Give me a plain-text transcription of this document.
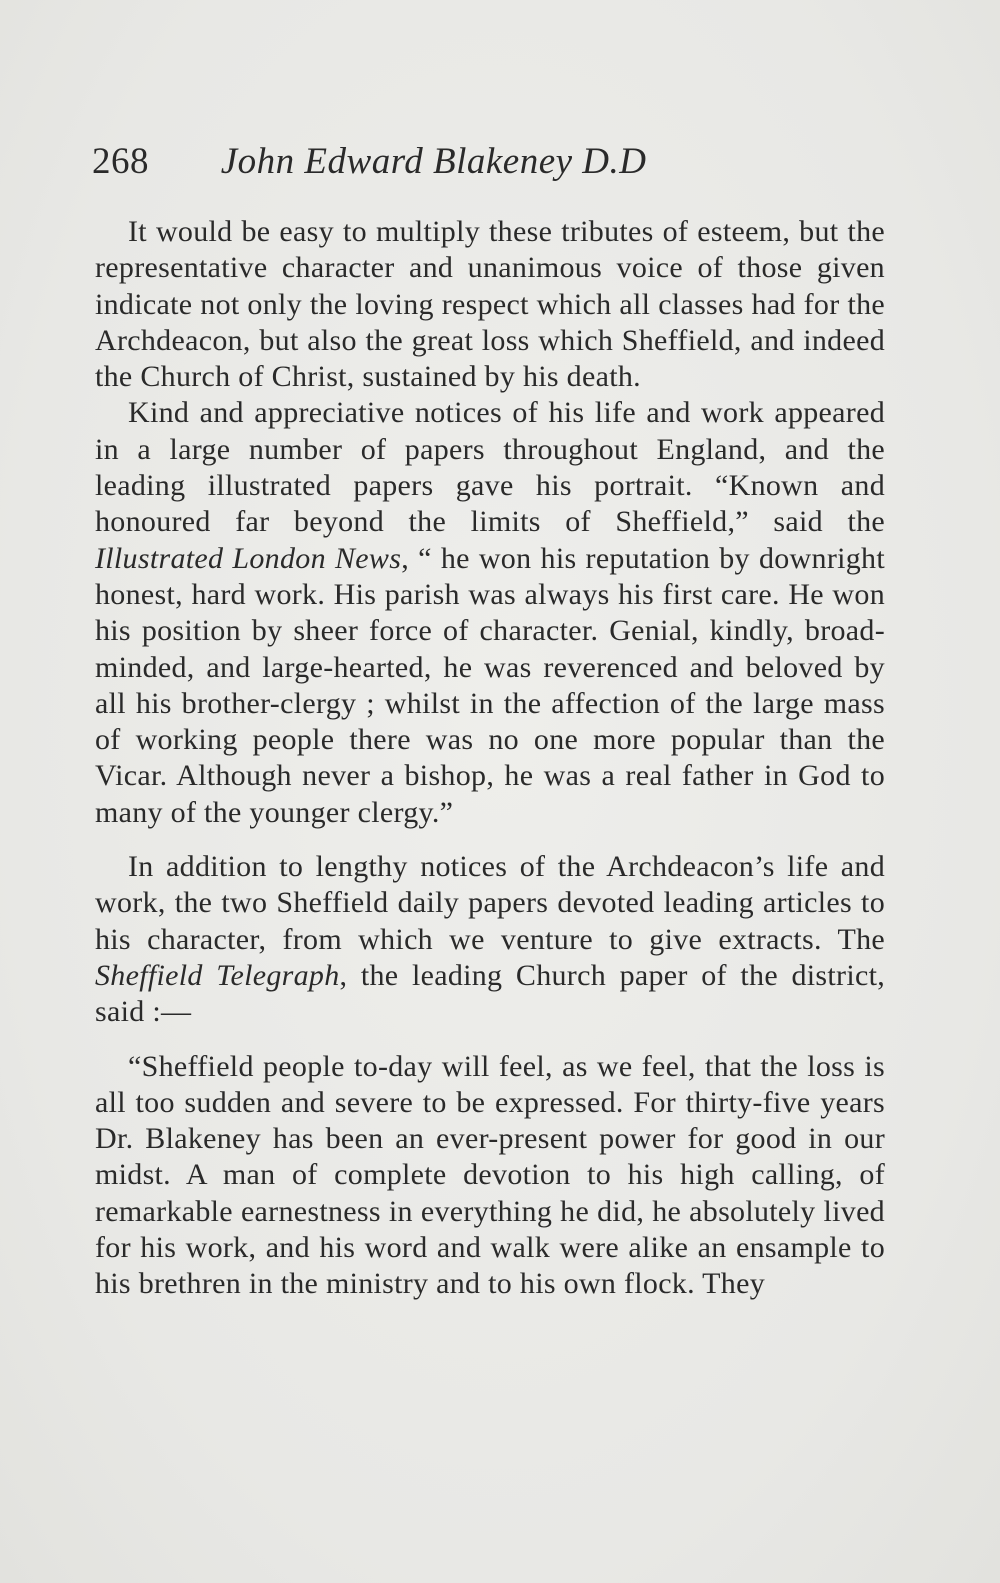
268 John Edward Blakeney D.D

It would be easy to multiply these tributes of esteem, but the representative character and unanimous voice of those given indicate not only the loving respect which all classes had for the Archdeacon, but also the great loss which Sheffield, and indeed the Church of Christ, sustained by his death.

Kind and appreciative notices of his life and work appeared in a large number of papers throughout England, and the leading illustrated papers gave his portrait. “Known and honoured far beyond the limits of Sheffield,” said the Illustrated London News, “ he won his reputation by downright honest, hard work. His parish was always his first care. He won his position by sheer force of character. Genial, kindly, broad-minded, and large-hearted, he was reverenced and beloved by all his brother-clergy ; whilst in the affection of the large mass of working people there was no one more popular than the Vicar. Although never a bishop, he was a real father in God to many of the younger clergy.”

In addition to lengthy notices of the Archdeacon’s life and work, the two Sheffield daily papers devoted leading articles to his character, from which we venture to give extracts. The Sheffield Telegraph, the leading Church paper of the district, said :—

“Sheffield people to-day will feel, as we feel, that the loss is all too sudden and severe to be expressed. For thirty-five years Dr. Blakeney has been an ever-present power for good in our midst. A man of complete devotion to his high calling, of remarkable earnestness in everything he did, he absolutely lived for his work, and his word and walk were alike an ensample to his brethren in the ministry and to his own flock. They
